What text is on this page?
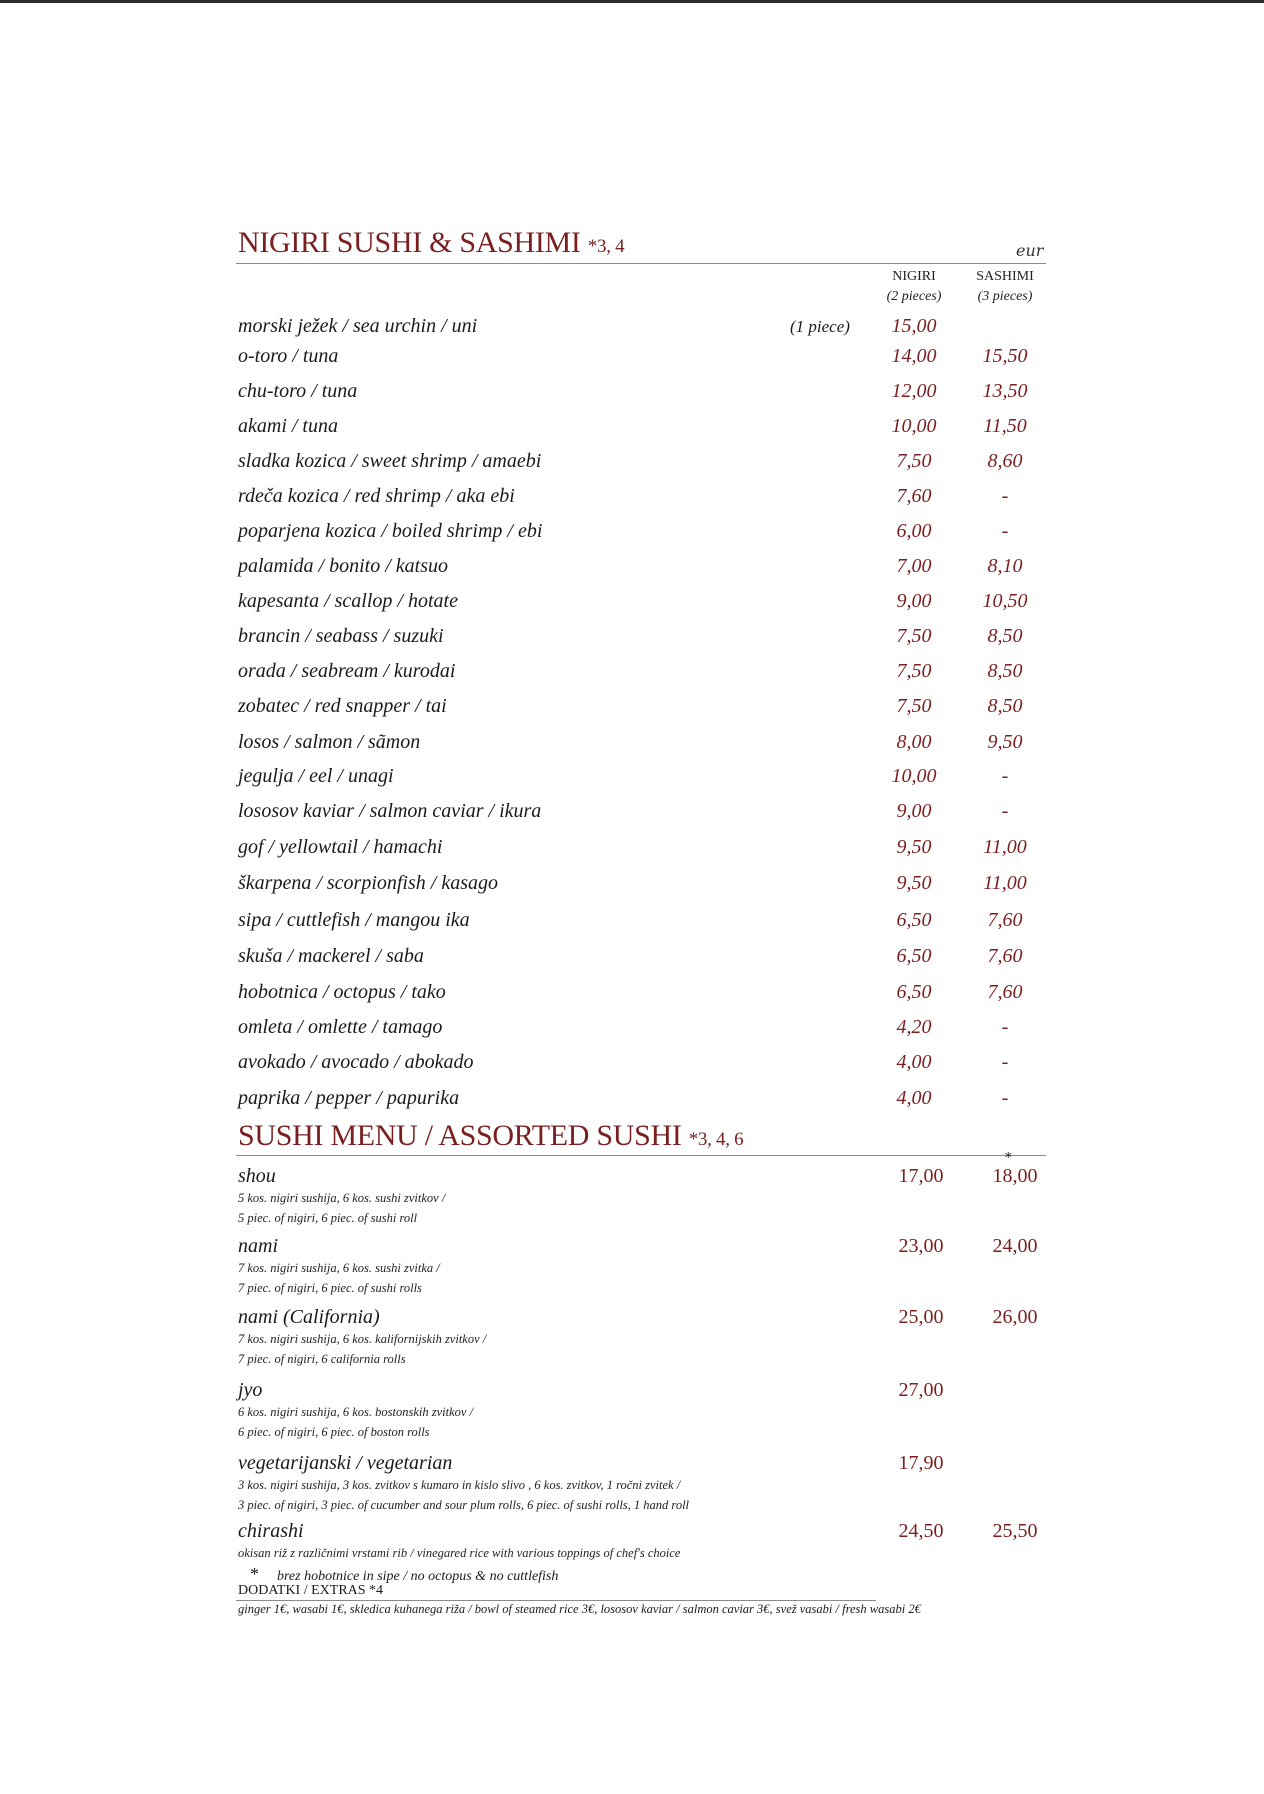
NIGIRI SUSHI & SASHIMI *3, 4	eur
NIGIRI
(2 pieces)
SASHIMI
(3 pieces)
morski ježek / sea urchin / uni	(1 piece)	15,00
o-toro / tuna	14,00	15,50
chu-toro / tuna	12,00	13,50
akami / tuna	10,00	11,50
sladka kozica / sweet shrimp / amaebi	7,50	8,60
rdeča kozica / red shrimp / aka ebi	7,60	-
poparjena kozica / boiled shrimp / ebi	6,00	-
palamida / bonito / katsuo	7,00	8,10
kapesanta / scallop / hotate	9,00	10,50
brancin / seabass / suzuki	7,50	8,50
orada / seabream / kurodai	7,50	8,50
zobatec / red snapper / tai	7,50	8,50
losos / salmon / sãmon	8,00	9,50
jegulja / eel / unagi	10,00	-
lososov kaviar / salmon caviar / ikura	9,00	-
gof / yellowtail / hamachi	9,50	11,00
škarpena / scorpionfish / kasago	9,50	11,00
sipa / cuttlefish / mangou ika	6,50	7,60
skuša / mackerel / saba	6,50	7,60
hobotnica / octopus / tako	6,50	7,60
omleta / omlette / tamago	4,20	-
avokado / avocado / abokado	4,00	-
paprika / pepper / papurika	4,00	-
SUSHI MENU / ASSORTED SUSHI *3, 4, 6
*
shou	17,00	18,00
5 kos. nigiri sushija, 6 kos. sushi zvitkov /
5 piec. of nigiri, 6 piec. of sushi roll
nami	23,00	24,00
7 kos. nigiri sushija, 6 kos. sushi zvitka /
7 piec. of nigiri, 6 piec. of sushi rolls
nami (California)	25,00	26,00
7 kos. nigiri sushija, 6 kos. kalifornijskih zvitkov /
7 piec. of nigiri, 6 california rolls
jyo	27,00
6 kos. nigiri sushija, 6 kos. bostonskih zvitkov /
6 piec. of nigiri, 6 piec. of boston rolls
vegetarijanski / vegetarian	17,90
3 kos. nigiri sushija, 3 kos. zvitkov s kumaro in kislo slivo , 6 kos. zvitkov, 1 ročni zvitek /
3 piec. of nigiri, 3 piec. of cucumber and sour plum rolls, 6 piec. of sushi rolls, 1 hand roll
chirashi	24,50	25,50
okisan riž z različnimi vrstami rib / vinegared rice with various toppings of chef's choice
* brez hobotnice in sipe / no octopus & no cuttlefish
DODATKI / EXTRAS *4
ginger 1€, wasabi 1€, skledica kuhanega riža / bowl of steamed rice 3€, lososov kaviar / salmon caviar 3€, svež vasabi / fresh wasabi 2€
